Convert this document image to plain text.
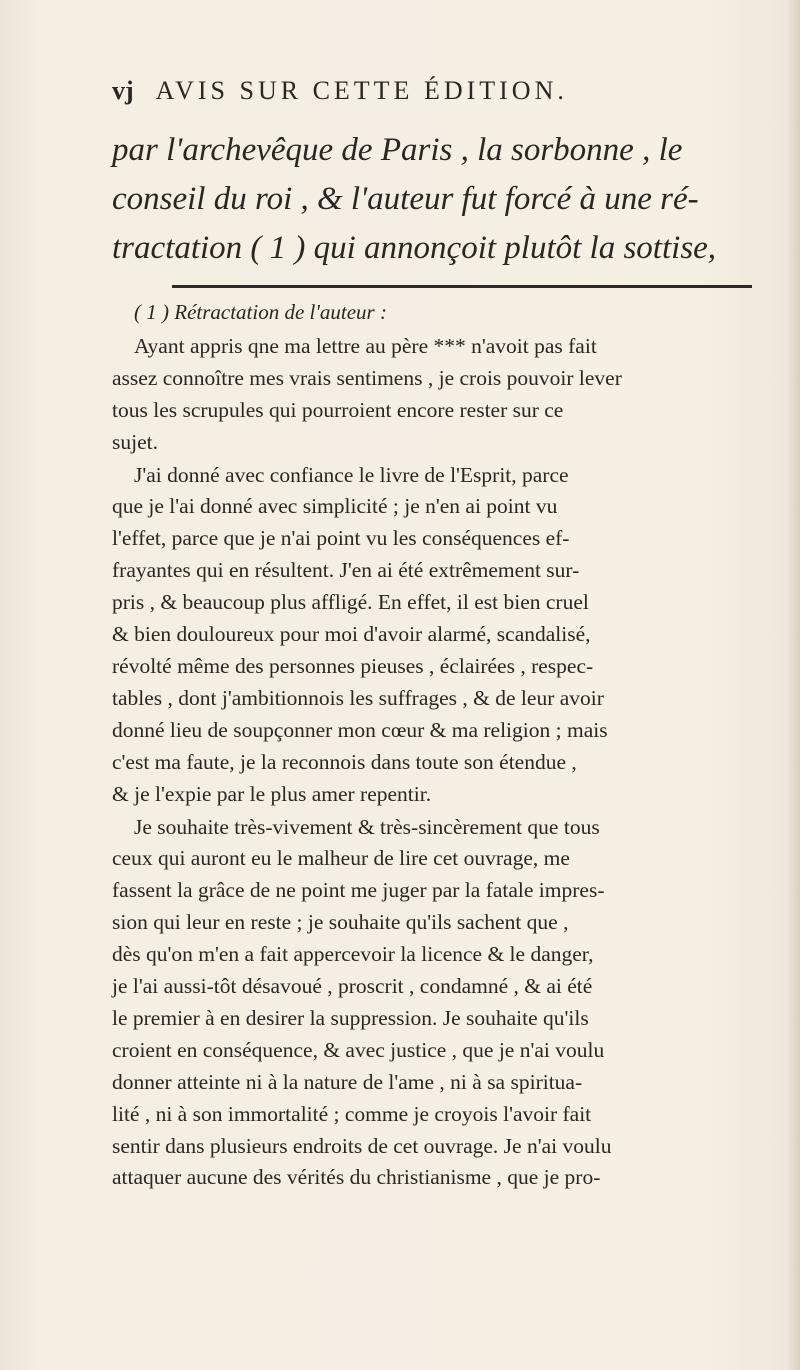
vj AVIS SUR CETTE ÉDITION.
par l'archevêque de Paris , la sorbonne , le
conseil du roi , & l'auteur fut forcé à une ré-
tractation ( 1 ) qui annonçoit plutôt la sottise,
( 1 ) Rétractation de l'auteur :
Ayant appris qne ma lettre au père *** n'avoit pas fait
assez connoître mes vrais sentimens , je crois pouvoir lever
tous les scrupules qui pourroient encore rester sur ce
sujet.
J'ai donné avec confiance le livre de l'Esprit, parce
que je l'ai donné avec simplicité ; je n'en ai point vu
l'effet, parce que je n'ai point vu les conséquences ef-
frayantes qui en résultent. J'en ai été extrêmement sur-
pris , & beaucoup plus affligé. En effet, il est bien cruel
& bien douloureux pour moi d'avoir alarmé, scandalisé,
révolté même des personnes pieuses , éclairées , respec-
tables , dont j'ambitionnois les suffrages , & de leur avoir
donné lieu de soupçonner mon cœur & ma religion ; mais
c'est ma faute, je la reconnois dans toute son étendue ,
& je l'expie par le plus amer repentir.
Je souhaite très-vivement & très-sincèrement que tous
ceux qui auront eu le malheur de lire cet ouvrage, me
fassent la grâce de ne point me juger par la fatale impres-
sion qui leur en reste ; je souhaite qu'ils sachent que ,
dès qu'on m'en a fait appercevoir la licence & le danger,
je l'ai aussi-tôt désavoué , proscrit , condamné , & ai été
le premier à en desirer la suppression. Je souhaite qu'ils
croient en conséquence, & avec justice , que je n'ai voulu
donner atteinte ni à la nature de l'ame , ni à sa spiritua-
lité , ni à son immortalité ; comme je croyois l'avoir fait
sentir dans plusieurs endroits de cet ouvrage. Je n'ai voulu
attaquer aucune des vérités du christianisme , que je pro-
